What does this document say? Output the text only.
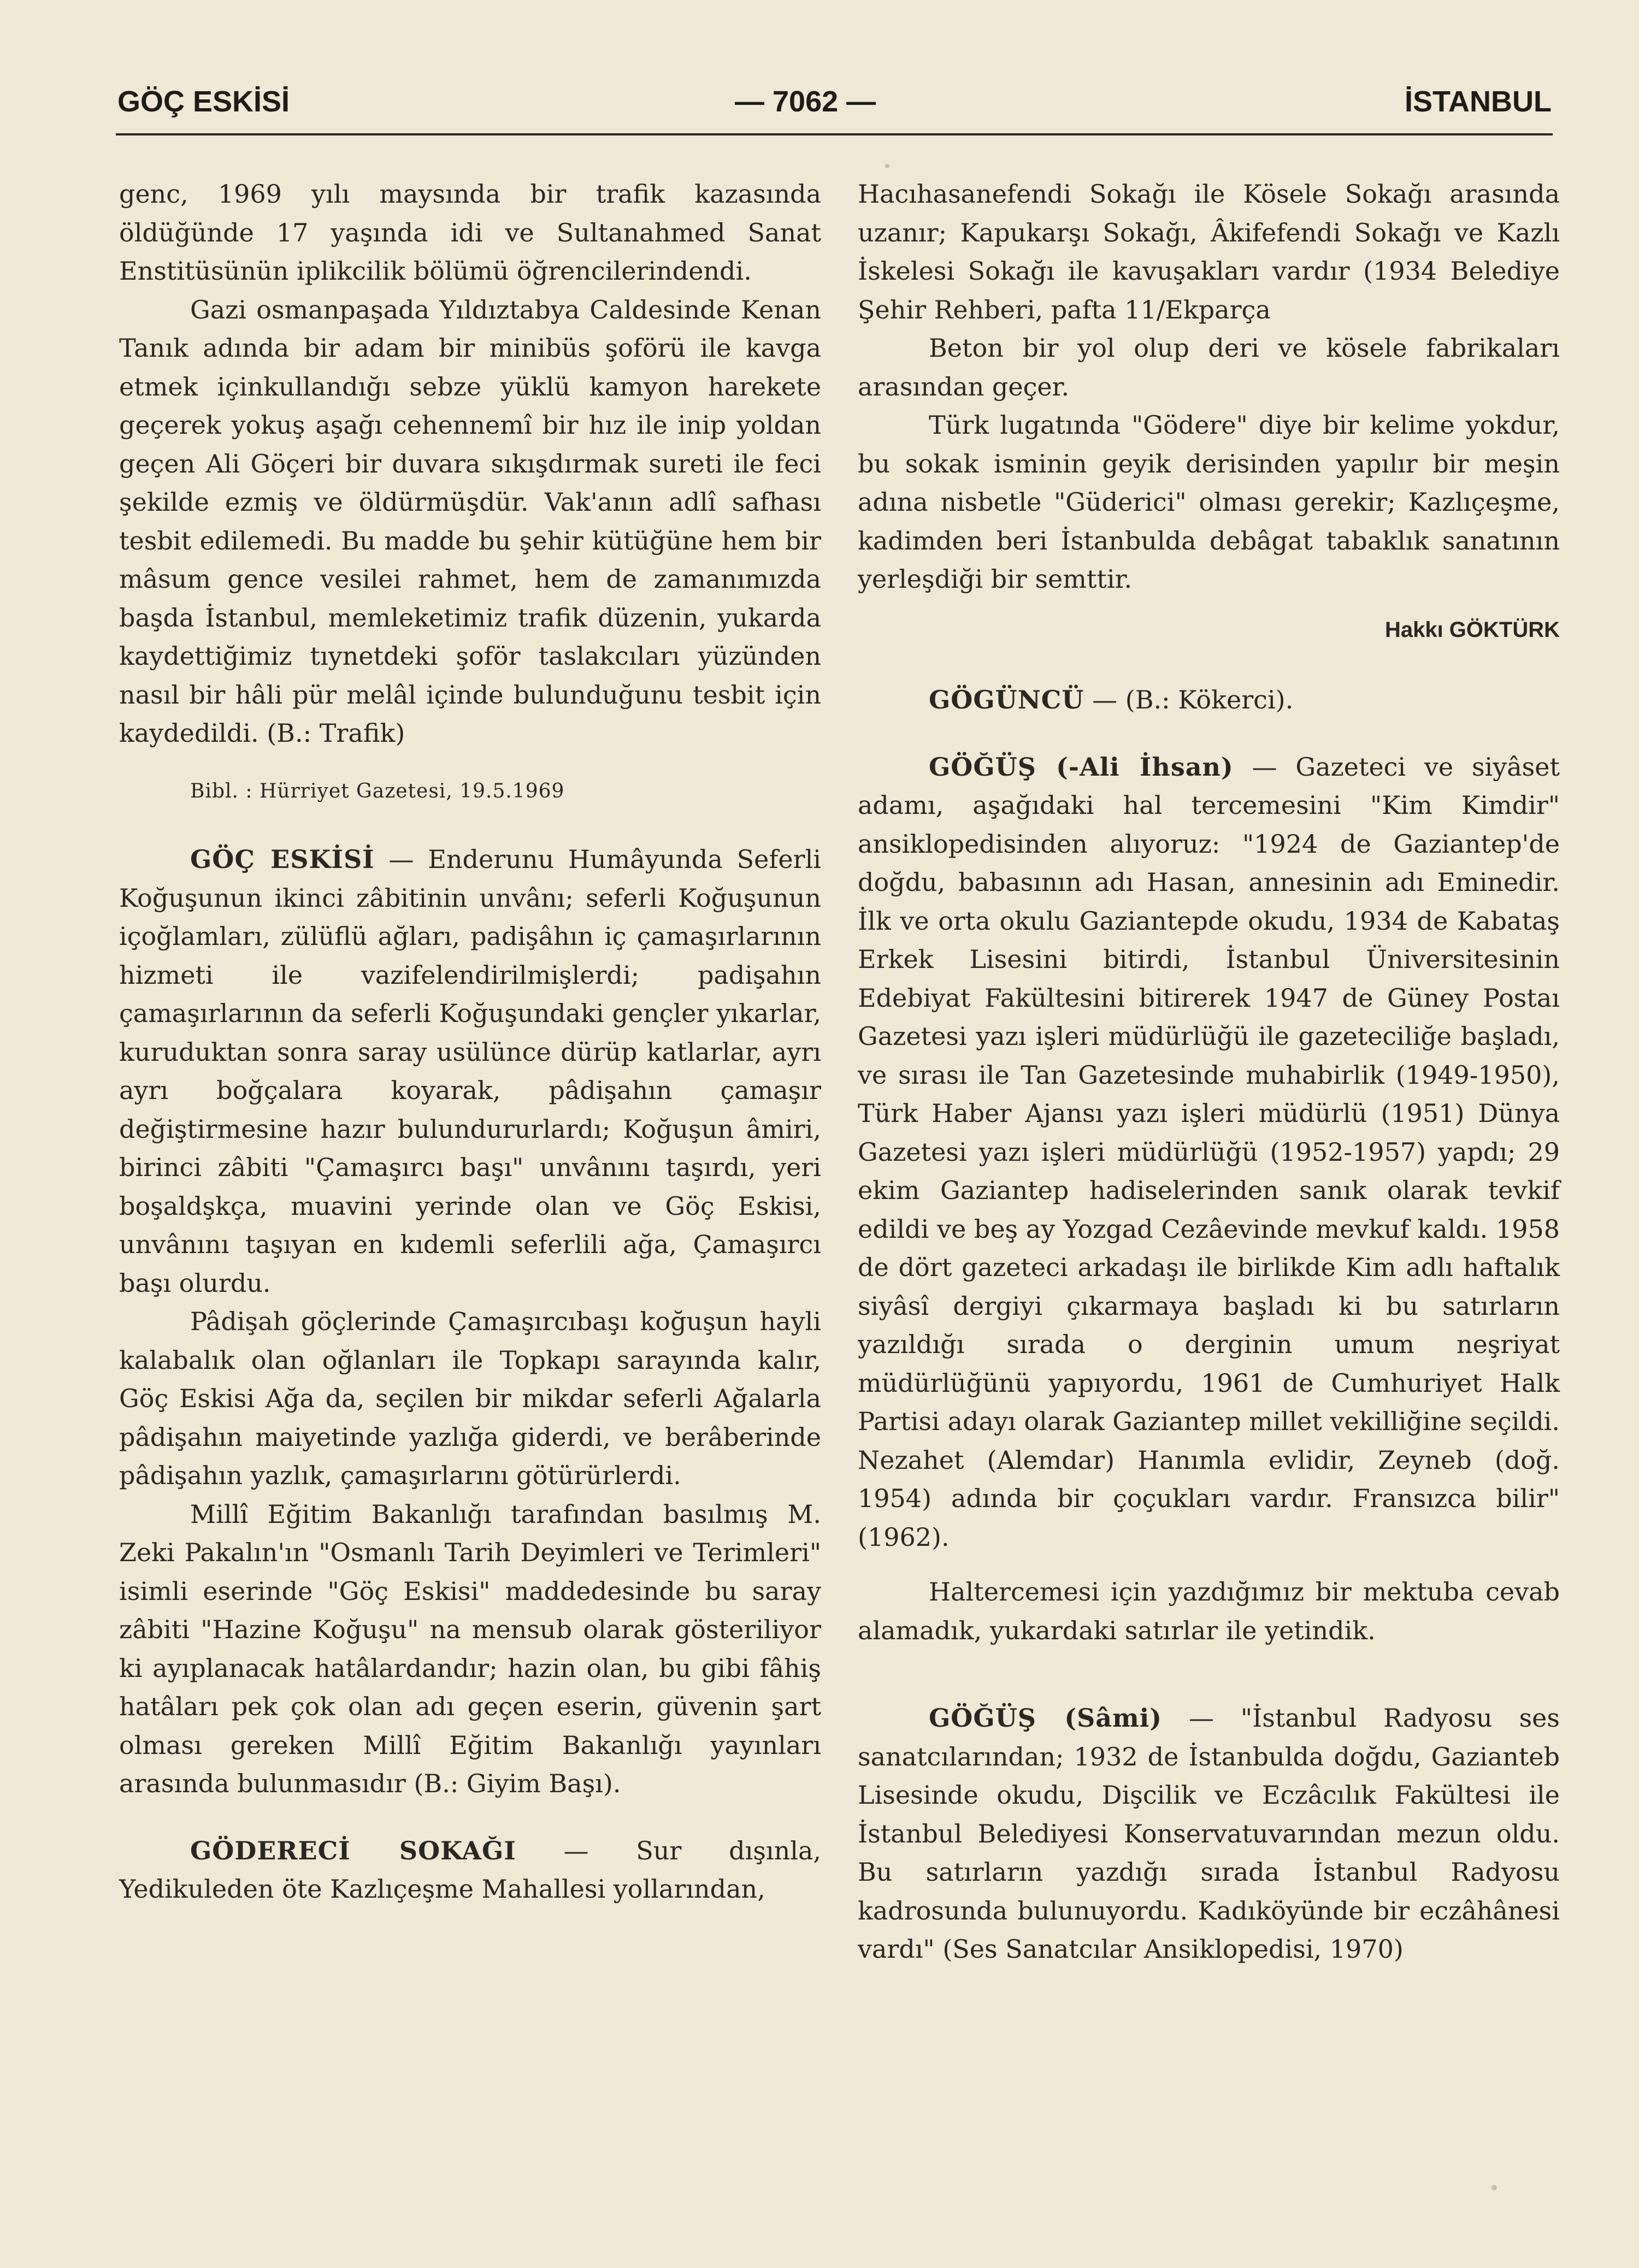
GÖÇ ESKİSİ	— 7062 —	İSTANBUL

genc, 1969 yılı maysında bir trafik kazasında öldüğünde 17 yaşında idi ve Sultanahmed Sanat Enstitüsünün iplikcilik bölümü öğrencilerindendi.

Gazi osmanpaşada Yıldıztabya Caldesinde Kenan Tanık adında bir adam bir minibüs şoförü ile kavga etmek içinkullandığı sebze yüklü kamyon harekete geçerek yokuş aşağı cehennemî bir hız ile inip yoldan geçen Ali Göçeri bir duvara sıkışdırmak sureti ile feci şekilde ezmiş ve öldürmüşdür. Vak'anın adlî safhası tesbit edilemedi. Bu madde bu şehir kütüğüne hem bir mâsum gence vesilei rahmet, hem de zamanımızda başda İstanbul, memleketimiz trafik düzenin, yukarda kaydettiğimiz tıynetdeki şoför taslakcıları yüzünden nasıl bir hâli pür melâl içinde bulunduğunu tesbit için kaydedildi. (B.: Trafik)

Bibl. : Hürriyet Gazetesi, 19.5.1969

GÖÇ ESKİSİ — Enderunu Humâyunda Seferli Koğuşunun ikinci zâbitinin unvânı; seferli Koğuşunun içoğlamları, zülüflü ağları, padişâhın iç çamaşırlarının hizmeti ile vazifelendirilmişlerdi; padişahın çamaşırlarının da seferli Koğuşundaki gençler yıkarlar, kuruduktan sonra saray usülünce dürüp katlarlar, ayrı ayrı boğçalara koyarak, pâdişahın çamaşır değiştirmesine hazır bulundururlardı; Koğuşun âmiri, birinci zâbiti "Çamaşırcı başı" unvânını taşırdı, yeri boşaldşkça, muavini yerinde olan ve Göç Eskisi, unvânını taşıyan en kıdemli seferlili ağa, Çamaşırcı başı olurdu.

Pâdişah göçlerinde Çamaşırcıbaşı koğuşun hayli kalabalık olan oğlanları ile Topkapı sarayında kalır, Göç Eskisi Ağa da, seçilen bir mikdar seferli Ağalarla pâdişahın maiyetinde yazlığa giderdi, ve berâberinde pâdişahın yazlık, çamaşırlarını götürürlerdi.

Millî Eğitim Bakanlığı tarafından basılmış M. Zeki Pakalın'ın "Osmanlı Tarih Deyimleri ve Terimleri" isimli eserinde "Göç Eskisi" maddedesinde bu saray zâbiti "Hazine Koğuşu" na mensub olarak gösteriliyor ki ayıplanacak hatâlardandır; hazin olan, bu gibi fâhiş hatâları pek çok olan adı geçen eserin, güvenin şart olması gereken Millî Eğitim Bakanlığı yayınları arasında bulunmasıdır (B.: Giyim Başı).

GÖDERECİ SOKAĞI — Sur dışınla, Yedikuleden öte Kazlıçeşme Mahallesi yollarından,

Hacıhasanefendi Sokağı ile Kösele Sokağı arasında uzanır; Kapukarşı Sokağı, Âkifefendi Sokağı ve Kazlı İskelesi Sokağı ile kavuşakları vardır (1934 Belediye Şehir Rehberi, pafta 11/Ekparça

Beton bir yol olup deri ve kösele fabrikaları arasından geçer.

Türk lugatında "Gödere" diye bir kelime yokdur, bu sokak isminin geyik derisinden yapılır bir meşin adına nisbetle "Güderici" olması gerekir; Kazlıçeşme, kadimden beri İstanbulda debâgat tabaklık sanatının yerleşdiği bir semttir.

Hakkı GÖKTÜRK

GÖGÜNCÜ — (B.: Kökerci).

GÖĞÜŞ (-Ali İhsan) — Gazeteci ve siyâset adamı, aşağıdaki hal tercemesini "Kim Kimdir" ansiklopedisinden alıyoruz: "1924 de Gaziantep'de doğdu, babasının adı Hasan, annesinin adı Eminedir. İlk ve orta okulu Gaziantepde okudu, 1934 de Kabataş Erkek Lisesini bitirdi, İstanbul Üniversitesinin Edebiyat Fakültesini bitirerek 1947 de Güney Postaı Gazetesi yazı işleri müdürlüğü ile gazeteciliğe başladı, ve sırası ile Tan Gazetesinde muhabirlik (1949-1950), Türk Haber Ajansı yazı işleri müdürlü (1951) Dünya Gazetesi yazı işleri müdürlüğü (1952-1957) yapdı; 29 ekim Gaziantep hadiselerinden sanık olarak tevkif edildi ve beş ay Yozgad Cezâevinde mevkuf kaldı. 1958 de dört gazeteci arkadaşı ile birlikde Kim adlı haftalık siyâsî dergiyi çıkarmaya başladı ki bu satırların yazıldığı sırada o derginin umum neşriyat müdürlüğünü yapıyordu, 1961 de Cumhuriyet Halk Partisi adayı olarak Gaziantep millet vekilliğine seçildi. Nezahet (Alemdar) Hanımla evlidir, Zeyneb (doğ. 1954) adında bir çoçukları vardır. Fransızca bilir" (1962).

Haltercemesi için yazdığımız bir mektuba cevab alamadık, yukardaki satırlar ile yetindik.

GÖĞÜŞ (Sâmi) — "İstanbul Radyosu ses sanatcılarından; 1932 de İstanbulda doğdu, Gazianteb Lisesinde okudu, Dişcilik ve Eczâcılık Fakültesi ile İstanbul Belediyesi Konservatuvarından mezun oldu. Bu satırların yazdığı sırada İstanbul Radyosu kadrosunda bulunuyordu. Kadıköyünde bir eczâhânesi vardı" (Ses Sanatcılar Ansiklopedisi, 1970)
